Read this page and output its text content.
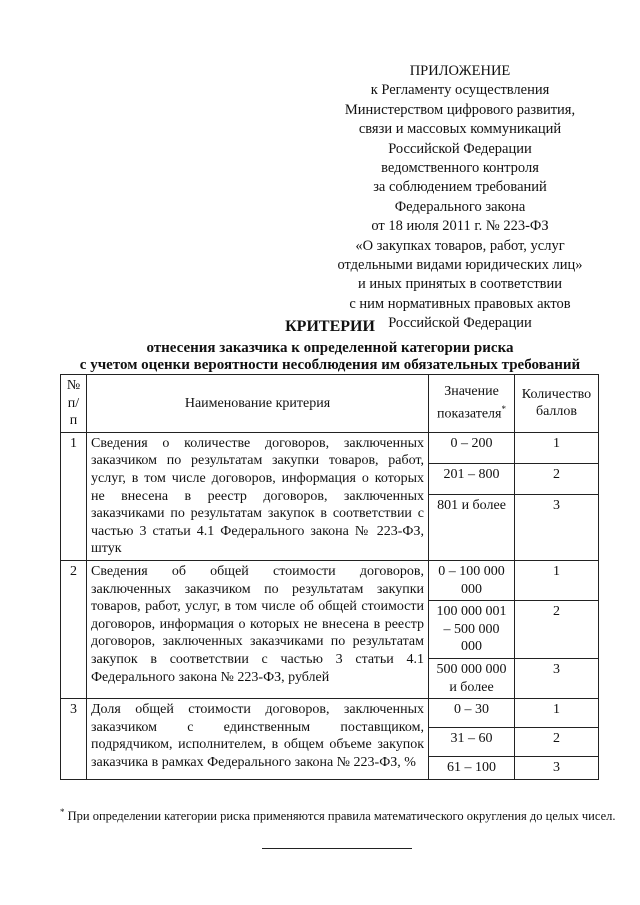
ПРИЛОЖЕНИЕ
к Регламенту осуществления
Министерством цифрового развития,
связи и массовых коммуникаций
Российской Федерации
ведомственного контроля
за соблюдением требований
Федерального закона
от 18 июля 2011 г. № 223-ФЗ
«О закупках товаров, работ, услуг
отдельными видами юридических лиц»
и иных принятых в соответствии
с ним нормативных правовых актов
Российской Федерации
КРИТЕРИИ
отнесения заказчика к определенной категории риска
с учетом оценки вероятности несоблюдения им обязательных требований
№ п/п	Наименование критерия	Значение показателя*	Количество баллов
1	Сведения о количестве договоров, заключенных заказчиком по результатам закупки товаров, работ, услуг, в том числе договоров, информация о которых не внесена в реестр договоров, заключенных заказчиками по результатам закупок в соответствии с частью 3 статьи 4.1 Федерального закона № 223-ФЗ, штук	0 – 200	1
		201 – 800	2
		801 и более	3
2	Сведения об общей стоимости договоров, заключенных заказчиком по результатам закупки товаров, работ, услуг, в том числе об общей стоимости договоров, информация о которых не внесена в реестр договоров, заключенных заказчиками по результатам закупок в соответствии с частью 3 статьи 4.1 Федерального закона № 223-ФЗ, рублей	0 – 100 000 000	1
		100 000 001 – 500 000 000	2
		500 000 000 и более	3
3	Доля общей стоимости договоров, заключенных заказчиком с единственным поставщиком, подрядчиком, исполнителем, в общем объеме закупок заказчика в рамках Федерального закона № 223-ФЗ, %	0 – 30	1
		31 – 60	2
		61 – 100	3
* При определении категории риска применяются правила математического округления до целых чисел.
